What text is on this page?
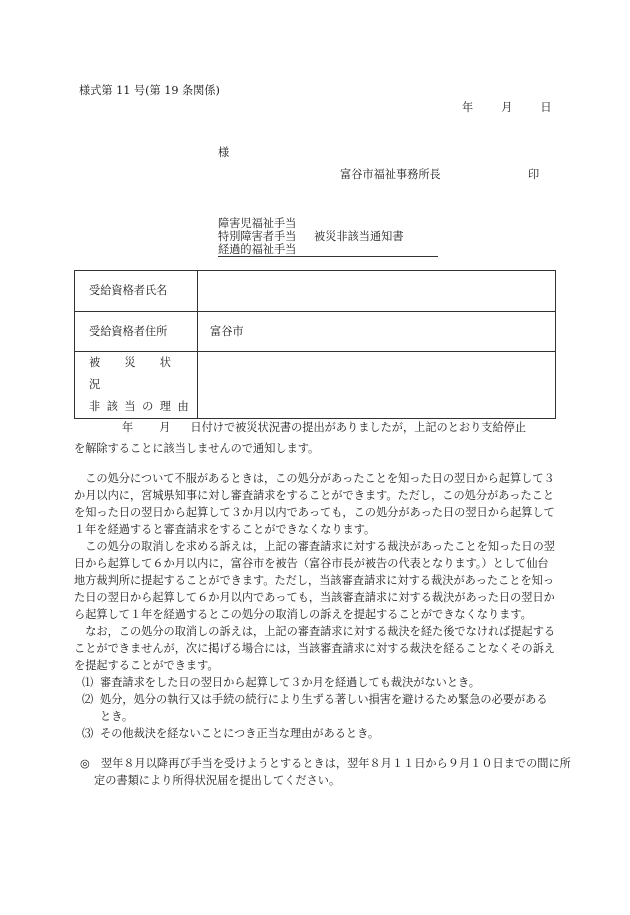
様式第 11 号(第 19 条関係)
年	月	日
様
富谷市福祉事務所長	印
障害児福祉手当
特別障害者手当
経過的福祉手当
被災非該当通知書
受給資格者氏名	
受給資格者住所	富谷市

被　災　状　況
非該当の理由	

年 月 日付けで被災状況書の提出がありましたが，上記のとおり支給停止
を解除することに該当しませんので通知します。

この処分について不服があるときは，この処分があったことを知った日の翌日から起算して３か月以内に，宮城県知事に対し審査請求をすることができます。ただし，この処分があったことを知った日の翌日から起算して３か月以内であっても，この処分があった日の翌日から起算して１年を経過すると審査請求をすることができなくなります。

この処分の取消しを求める訴えは，上記の審査請求に対する裁決があったことを知った日の翌日から起算して６か月以内に，富谷市を被告（富谷市長が被告の代表となります。）として仙台地方裁判所に提起することができます。ただし，当該審査請求に対する裁決があったことを知った日の翌日から起算して６か月以内であっても，当該審査請求に対する裁決があった日の翌日から起算して１年を経過するとこの処分の取消しの訴えを提起することができなくなります。

なお，この処分の取消しの訴えは，上記の審査請求に対する裁決を経た後でなければ提起することができませんが，次に掲げる場合には，当該審査請求に対する裁決を経ることなくその訴えを提起することができます。

⑴ 審査請求をした日の翌日から起算して３か月を経過しても裁決がないとき。

⑵ 処分，処分の執行又は手続の続行により生ずる著しい損害を避けるため緊急の必要があるとき。

⑶ その他裁決を経ないことにつき正当な理由があるとき。

◎　翌年８月以降再び手当を受けようとするときは，翌年８月１１日から９月１０日までの間に所定の書類により所得状況届を提出してください。
